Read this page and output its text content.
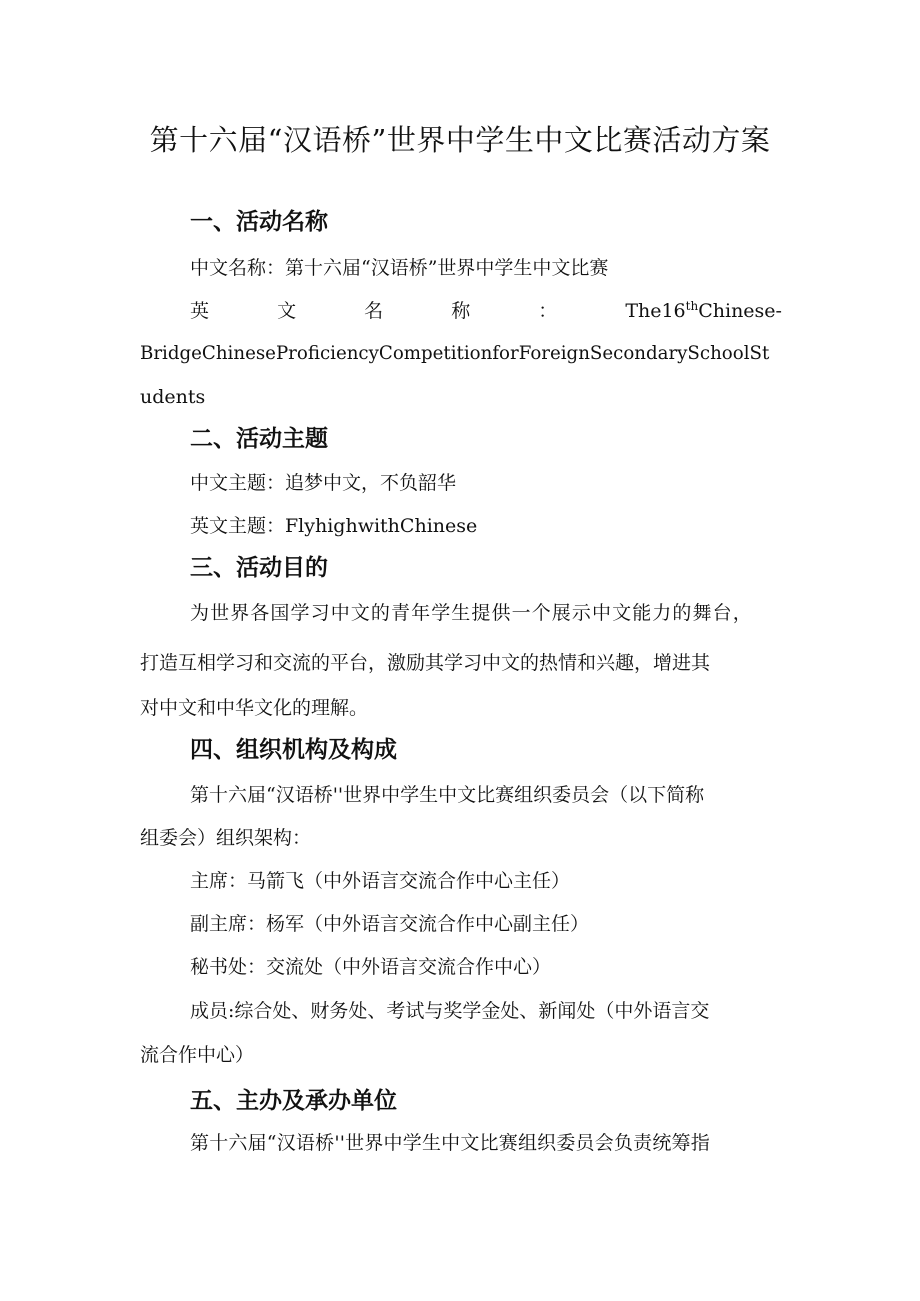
第十六届“汉语桥”世界中学生中文比赛活动方案
一、活动名称
中文名称：第十六届“汉语桥”世界中学生中文比赛
英	文	名	称	：	The16thChinese-
BridgeChineseProficiencyCompetitionforForeignSecondarySchoolSt
udents
二、活动主题
中文主题：追梦中文，不负韶华
英文主题：FlyhighwithChinese
三、活动目的
为世界各国学习中文的青年学生提供一个展示中文能力的舞台，
打造互相学习和交流的平台，激励其学习中文的热情和兴趣，增进其
对中文和中华文化的理解。
四、组织机构及构成
第十六届“汉语桥''世界中学生中文比赛组织委员会（以下简称
组委会）组织架构：
主席：马箭飞（中外语言交流合作中心主任）
副主席：杨军（中外语言交流合作中心副主任）
秘书处：交流处（中外语言交流合作中心）
成员:综合处、财务处、考试与奖学金处、新闻处（中外语言交
流合作中心）
五、主办及承办单位
第十六届“汉语桥''世界中学生中文比赛组织委员会负责统筹指
